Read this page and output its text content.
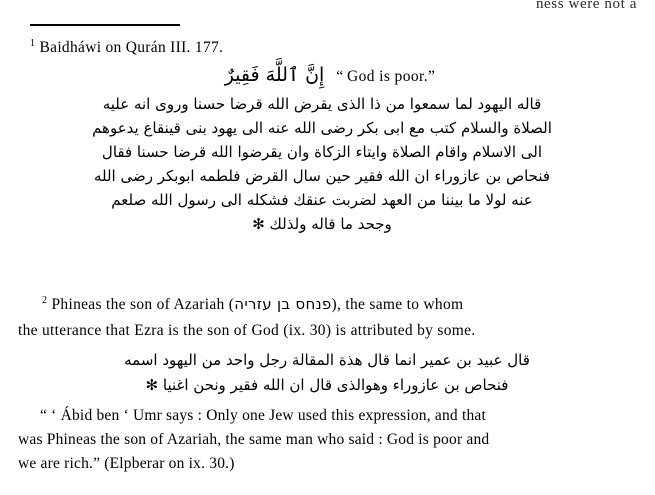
ness were not a
$^1$ Baidháwi on Qurán III. 177.
إِنَّ ٱللَّهَ فَقِيرٌ “ God is poor.”
قاله اليهود لما سمعوا من ذا الذى يقرض الله قرضا حسنا وروى انه عليه
الصلاة والسلام كتب مع ابى بكر رضى الله عنه الى يهود بنى قينقاع يدعوهم
الى الاسلام واقام الصلاة وايتاء الزكاة وان يقرضوا الله قرضا حسنا فقال
فنحاص بن عازوراء ان الله فقير حين سال القرض فلطمه ابوبكر رضى الله
عنه لولا ما بيننا من العهد لضربت عنقك فشكله الى رسول الله صلعم
وجحد ما قاله ولذلك ✻
$^2$ Phineas the son of Azariah (פנחס בן עזריה), the same to whom
the utterance that Ezra is the son of God (ix. 30) is attributed by some.
قال عبيد بن عمير انما قال هذة المقالة رجل واحد من اليهود اسمه
فنحاص بن عازوراء وهوالذى قال ان الله فقير ونحن اغنيا ✻
“ ‘ Ábid ben ‘ Umr says : Only one Jew used this expression, and that
was Phineas the son of Azariah, the same man who said : God is poor and
we are rich.” (Elpberar on ix. 30.)
